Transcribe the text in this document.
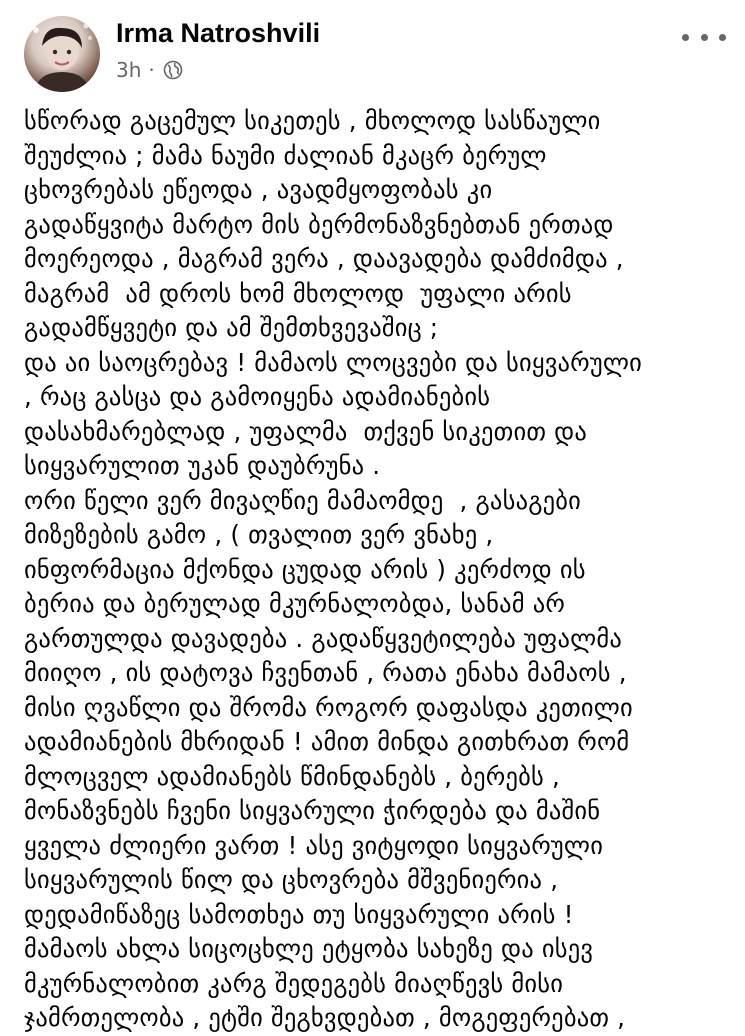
Irma Natroshvili
3h ·
სწორად გაცემულ სიკეთეს , მხოლოდ სასწაული
შეუძლია ; მამა ნაუმი ძალიან მკაცრ ბერულ
ცხოვრებას ეწეოდა , ავადმყოფობას კი
გადაწყვიტა მარტო მის ბერმონაზვნებთან ერთად
მოერეოდა , მაგრამ ვერა , დაავადება დამძიმდა ,
მაგრამ  ამ დროს ხომ მხოლოდ  უფალი არის
გადამწყვეტი და ამ შემთხვევაშიც ;
და აი საოცრებავ ! მამაოს ლოცვები და სიყვარული
, რაც გასცა და გამოიყენა ადამიანების
დასახმარებლად , უფალმა  თქვენ სიკეთით და
სიყვარულით უკან დაუბრუნა .
ორი წელი ვერ მივაღწიე მამაომდე  , გასაგები
მიზეზების გამო , ( თვალით ვერ ვნახე ,
ინფორმაცია მქონდა ცუდად არის ) კერძოდ ის
ბერია და ბერულად მკურნალობდა, სანამ არ
გართულდა დავადება . გადაწყვეტილება უფალმა
მიიღო , ის დატოვა ჩვენთან , რათა ენახა მამაოს ,
მისი ღვაწლი და შრომა როგორ დაფასდა კეთილი
ადამიანების მხრიდან ! ამით მინდა გითხრათ რომ
მლოცველ ადამიანებს წმინდანებს , ბერებს ,
მონაზვნებს ჩვენი სიყვარული ჭირდება და მაშინ
ყველა ძლიერი ვართ ! ასე ვიტყოდი სიყვარული
სიყვარულის წილ და ცხოვრება მშვენიერია ,
დედამიწაზეც სამოთხეა თუ სიყვარული არის !
მამაოს ახლა სიცოცხლე ეტყობა სახეზე და ისევ
მკურნალობით კარგ შედეგებს მიაღწევს მისი
ჯამრთელობა , ეტში შეგხვდებათ , მოგეფერებათ ,
